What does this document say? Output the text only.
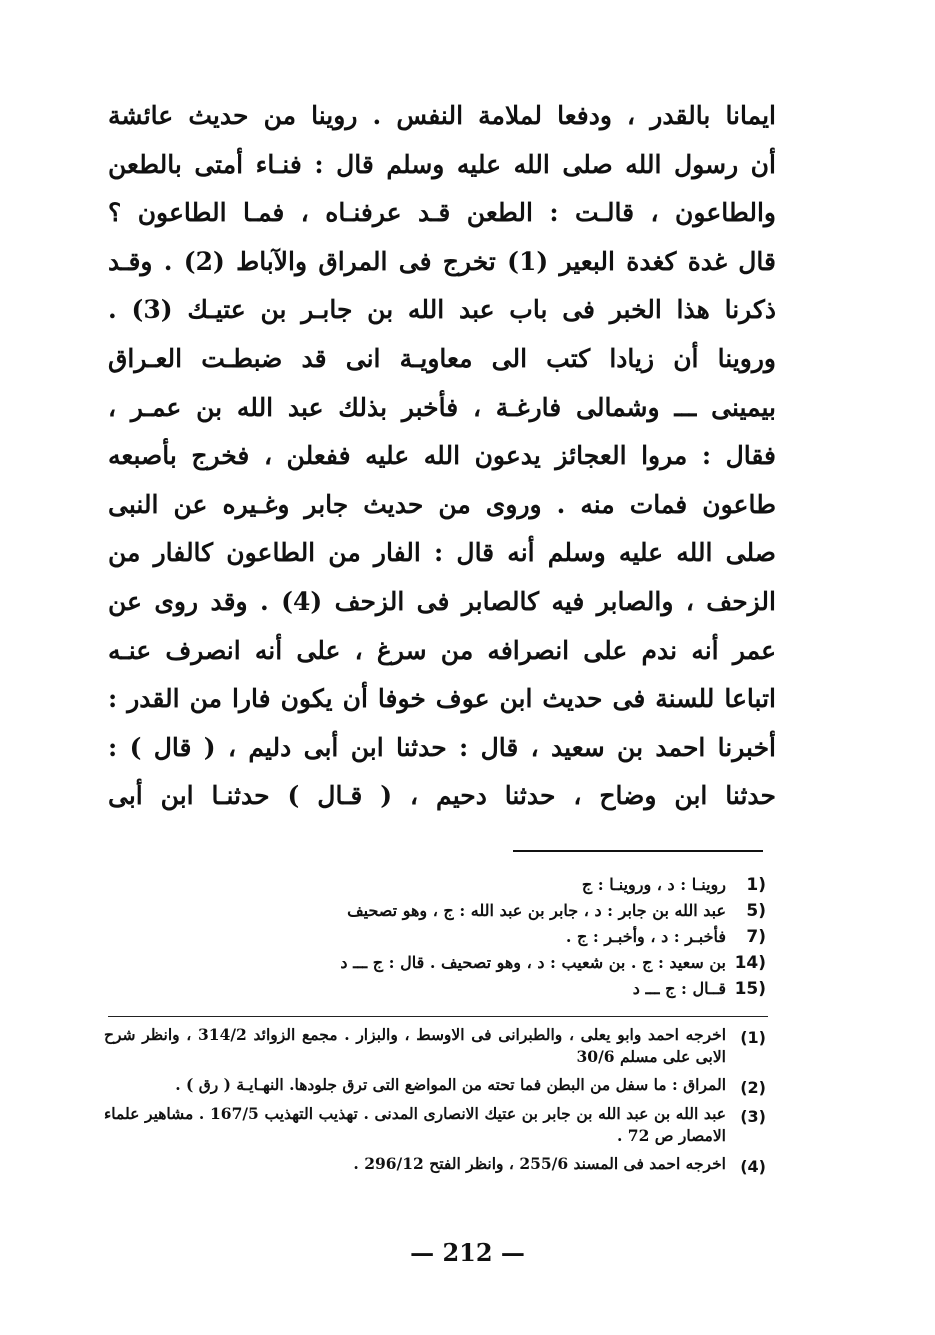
ايمانا بالقدر ، ودفعا لملامة النفس . روينا من حديث عائشة
أن رسول الله صلى الله عليه وسلم قال : فنـاء أمتى بالطعن
والطاعون ، قالـت : الطعن قـد عرفنـاه ، فمـا الطاعون ؟
قال غدة كغدة البعير (1) تخرج فى المراق والآباط (2) . وقـد
ذكرنا هذا الخبر فى باب عبد الله بن جابـر بن عتيـك (3) .
وروينا أن زيادا كتب الى معاويـة انى قد ضبطـت العـراق
بيمينى ـــ وشمالى فارغـة ، فأخبر بذلك عبد الله بن عمـر ،
فقال : مروا العجائز يدعون الله عليه ففعلن ، فخرج بأصبعه
طاعون فمات منه . وروى من حديث جابر وغـيره عن النبى
صلى الله عليه وسلم أنه قال : الفار من الطاعون كالفار من
الزحف ، والصابر فيه كالصابر فى الزحف (4) . وقد روى عن
عمر أنه ندم على انصرافه من سرغ ، على أنه انصرف عنـه
اتباعا للسنة فى حديث ابن عوف خوفا أن يكون فارا من القدر :
أخبرنا احمد بن سعيد ، قال : حدثنا ابن أبى دليم ، ( قال ) :
حدثنا ابن وضاح ، حدثنا دحيم ، ( قـال ) حدثنـا ابن أبى
1)
روينـا : د ، وروينـا : ج
5)
عبد الله بن جابر : د ، جابر بن عبد الله : ج ، وهو تصحيف
7)
فأخبـر : د ، وأخبـر : ج .
14)
بن سعيد : ج . بن شعيب : د ، وهو تصحيف . قال : ج ـــ د
15)
قــال : ج ـــ د
(1)
اخرجه احمد وابو يعلى ، والطبرانى فى الاوسط ، والبزار . مجمع الزوائد 314/2 ، وانظر شرح الابى على مسلم 30/6
(2)
المراق : ما سفل من البطن فما تحته من المواضع التى ترق جلودها. النهـايـة ( رق ) .
(3)
عبد الله بن عبد الله بن جابر بن عتيك الانصارى المدنى . تهذيب التهذيب 167/5 . مشاهير علماء الامصار ص 72 .
(4)
اخرجه احمد فى المسند 255/6 ، وانظر الفتح 296/12 .
— 212 —
